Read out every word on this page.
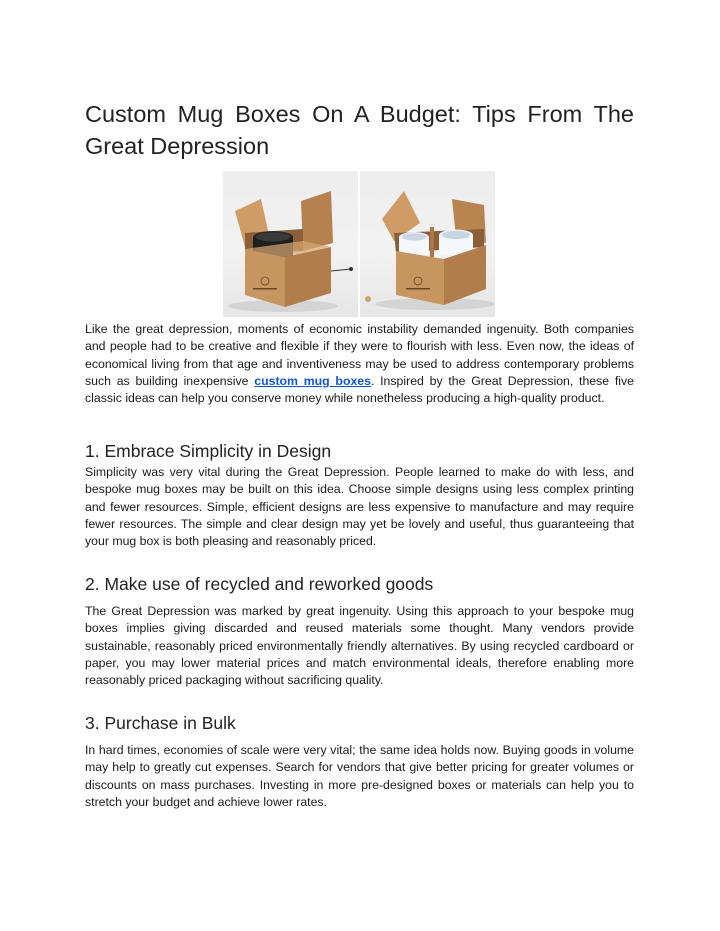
Custom Mug Boxes On A Budget: Tips From The Great Depression

Like the great depression, moments of economic instability demanded ingenuity. Both companies and people had to be creative and flexible if they were to flourish with less. Even now, the ideas of economical living from that age and inventiveness may be used to address contemporary problems such as building inexpensive custom mug boxes. Inspired by the Great Depression, these five classic ideas can help you conserve money while nonetheless producing a high-quality product.

1. Embrace Simplicity in Design

Simplicity was very vital during the Great Depression. People learned to make do with less, and bespoke mug boxes may be built on this idea. Choose simple designs using less complex printing and fewer resources. Simple, efficient designs are less expensive to manufacture and may require fewer resources. The simple and clear design may yet be lovely and useful, thus guaranteeing that your mug box is both pleasing and reasonably priced.

2. Make use of recycled and reworked goods

The Great Depression was marked by great ingenuity. Using this approach to your bespoke mug boxes implies giving discarded and reused materials some thought. Many vendors provide sustainable, reasonably priced environmentally friendly alternatives. By using recycled cardboard or paper, you may lower material prices and match environmental ideals, therefore enabling more reasonably priced packaging without sacrificing quality.

3. Purchase in Bulk

In hard times, economies of scale were very vital; the same idea holds now. Buying goods in volume may help to greatly cut expenses. Search for vendors that give better pricing for greater volumes or discounts on mass purchases. Investing in more pre-designed boxes or materials can help you to stretch your budget and achieve lower rates.
